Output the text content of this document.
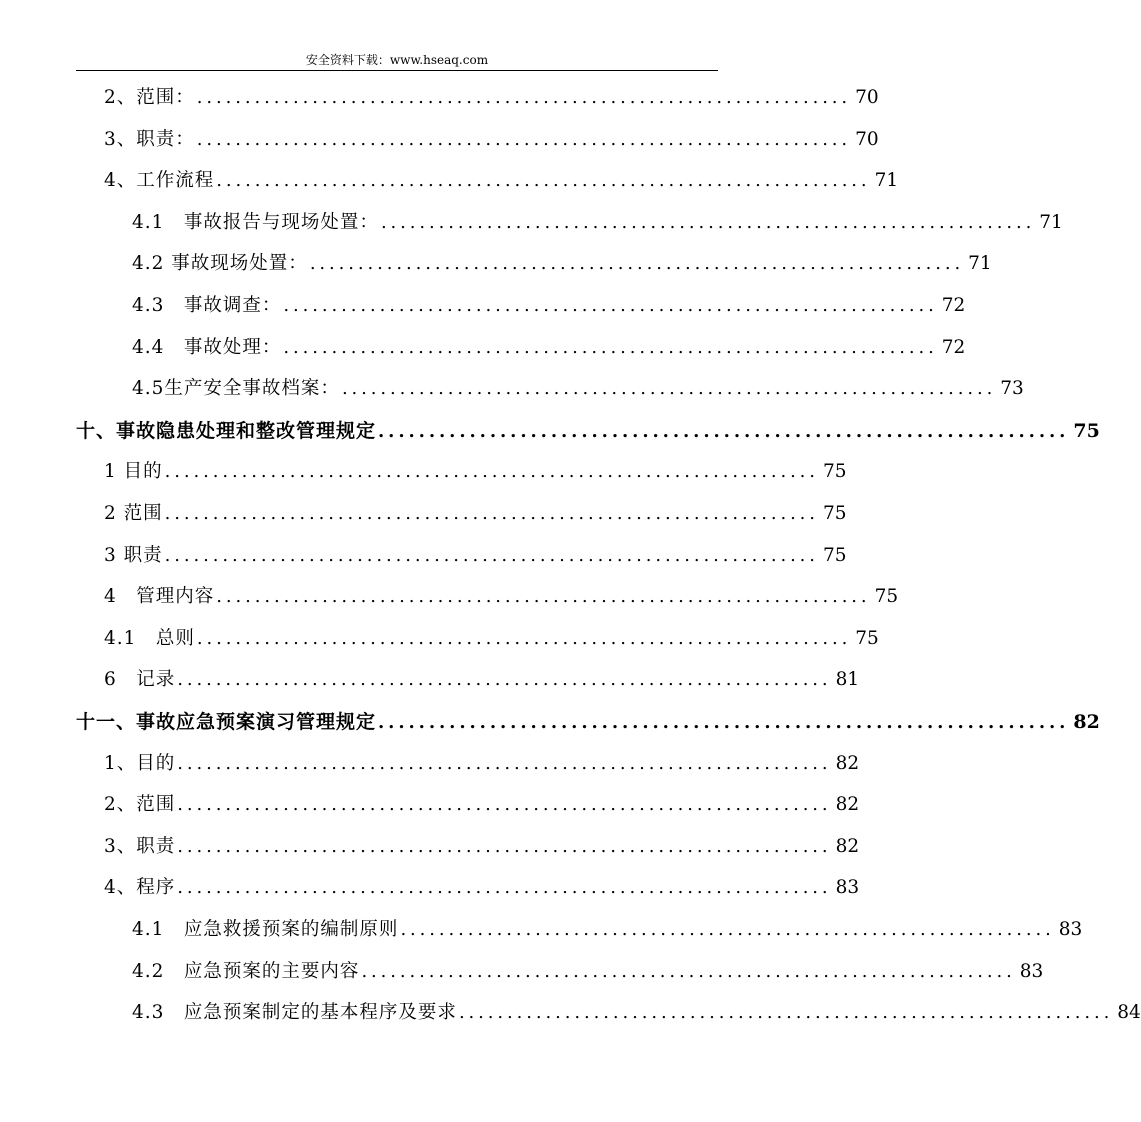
安全资料下载：www.hseaq.com
2、范围： .................................................................... 70
3、职责： .................................................................... 70
4、工作流程 .................................................................... 71
4.1　事故报告与现场处置： .................................................................... 71
4.2 事故现场处置： .................................................................... 71
4.3　事故调查： .................................................................... 72
4.4　事故处理： .................................................................... 72
4.5生产安全事故档案： .................................................................... 73
十、事故隐患处理和整改管理规定 .................................................................... 75
1 目的 .................................................................... 75
2 范围 .................................................................... 75
3 职责 .................................................................... 75
4　管理内容 .................................................................... 75
4.1　总则 .................................................................... 75
6　记录 .................................................................... 81
十一、事故应急预案演习管理规定 .................................................................... 82
1、目的 .................................................................... 82
2、范围 .................................................................... 82
3、职责 .................................................................... 82
4、程序 .................................................................... 83
4.1　应急救援预案的编制原则 .................................................................... 83
4.2　应急预案的主要内容 .................................................................... 83
4.3　应急预案制定的基本程序及要求 .................................................................... 84
